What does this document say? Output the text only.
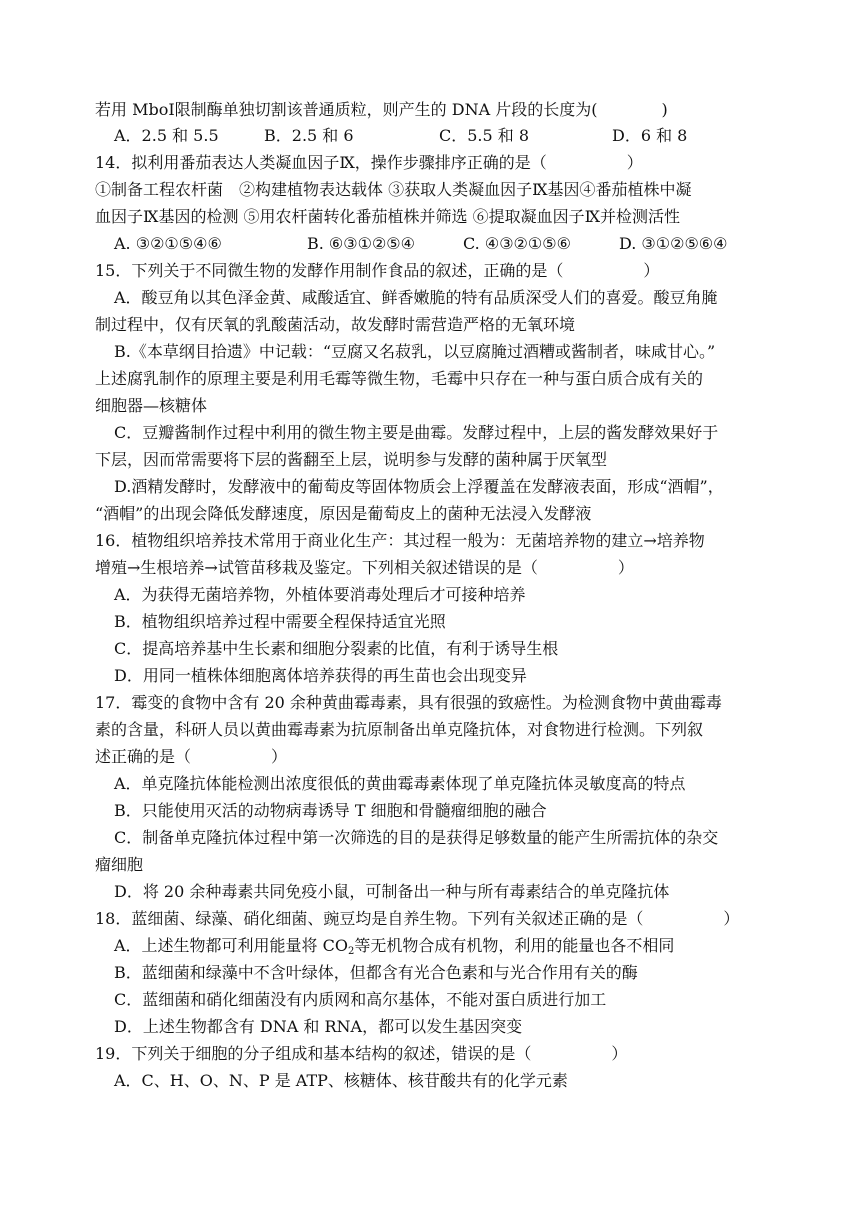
若用 MboⅠ限制酶单独切割该普通质粒，则产生的 DNA 片段的长度为(　　　　)
A．2.5 和 5.5	B．2.5 和 6	C．5.5 和 8	D．6 和 8
14．拟利用番茄表达人类凝血因子Ⅸ，操作步骤排序正确的是（　　　　　）
①制备工程农杆菌　②构建植物表达载体 ③获取人类凝血因子Ⅸ基因④番茄植株中凝
血因子Ⅸ基因的检测 ⑤用农杆菌转化番茄植株并筛选 ⑥提取凝血因子Ⅸ并检测活性
A. ③②①⑤④⑥	B. ⑥③①②⑤④	C. ④③②①⑤⑥	D. ③①②⑤⑥④
15．下列关于不同微生物的发酵作用制作食品的叙述，正确的是（　　　　　）
A．酸豆角以其色泽金黄、咸酸适宜、鲜香嫩脆的特有品质深受人们的喜爱。酸豆角腌
制过程中，仅有厌氧的乳酸菌活动，故发酵时需营造严格的无氧环境
B.《本草纲目拾遗》中记载：“豆腐又名菽乳，以豆腐腌过酒糟或酱制者，味咸甘心。”
上述腐乳制作的原理主要是利用毛霉等微生物，毛霉中只存在一种与蛋白质合成有关的
细胞器—核糖体
C．豆瓣酱制作过程中利用的微生物主要是曲霉。发酵过程中，上层的酱发酵效果好于
下层，因而常需要将下层的酱翻至上层，说明参与发酵的菌种属于厌氧型
D.酒精发酵时，发酵液中的葡萄皮等固体物质会上浮覆盖在发酵液表面，形成“酒帽”，
“酒帽”的出现会降低发酵速度，原因是葡萄皮上的菌种无法浸入发酵液
16．植物组织培养技术常用于商业化生产：其过程一般为：无菌培养物的建立→培养物
增殖→生根培养→试管苗移栽及鉴定。下列相关叙述错误的是（　　　　　）
A．为获得无菌培养物，外植体要消毒处理后才可接种培养
B．植物组织培养过程中需要全程保持适宜光照
C．提高培养基中生长素和细胞分裂素的比值，有利于诱导生根
D．用同一植株体细胞离体培养获得的再生苗也会出现变异
17．霉变的食物中含有 20 余种黄曲霉毒素，具有很强的致癌性。为检测食物中黄曲霉毒
素的含量，科研人员以黄曲霉毒素为抗原制备出单克隆抗体，对食物进行检测。下列叙
述正确的是（　　　　　）
A．单克隆抗体能检测出浓度很低的黄曲霉毒素体现了单克隆抗体灵敏度高的特点
B．只能使用灭活的动物病毒诱导 T 细胞和骨髓瘤细胞的融合
C．制备单克隆抗体过程中第一次筛选的目的是获得足够数量的能产生所需抗体的杂交
瘤细胞
D．将 20 余种毒素共同免疫小鼠，可制备出一种与所有毒素结合的单克隆抗体
18．蓝细菌、绿藻、硝化细菌、豌豆均是自养生物。下列有关叙述正确的是（　　　　　）
A．上述生物都可利用能量将 $CO_2$等无机物合成有机物，利用的能量也各不相同
B．蓝细菌和绿藻中不含叶绿体，但都含有光合色素和与光合作用有关的酶
C．蓝细菌和硝化细菌没有内质网和高尔基体，不能对蛋白质进行加工
D．上述生物都含有 DNA 和 RNA，都可以发生基因突变
19．下列关于细胞的分子组成和基本结构的叙述，错误的是（　　　　　）
A．C、H、O、N、P 是 ATP、核糖体、核苷酸共有的化学元素
